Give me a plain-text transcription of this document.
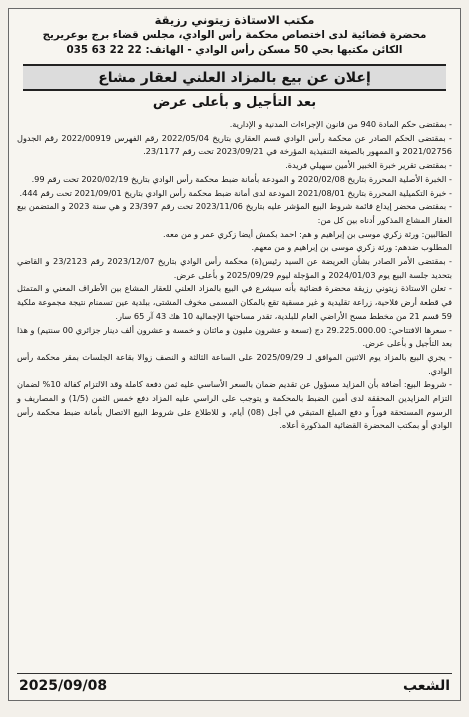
مكتب الاستاذة زيتوني رزيقة
محضرة قضائية لدى اختصاص محكمة رأس الوادي، مجلس قضاء برج بوعريريج
الكائن مكتبها بحي 50 مسكن رأس الوادي - الهاتف: 22 22 63 035
إعلان عن بيع بالمزاد العلني لعقار مشاع
بعد التأجيل و بأعلى عرض

- بمقتضى حكم المادة 940 من قانون الإجراءات المدنية و الإدارية.

- بمقتضى الحكم الصادر عن محكمة رأس الوادي قسم العقاري بتاريخ 2022/05/04 رقم الفهرس 2022/00919 رقم الجدول 2021/02756 و الممهور بالصيغة التنفيذية المؤرخة في 2023/09/21 تحت رقم 23/1177.

- بمقتضى تقرير خبرة الخبير الأمين سهيلي فريدة.

- الخبرة الأصلية المحررة بتاريخ 2020/02/08 و المودعة بأمانة ضبط محكمة رأس الوادي بتاريخ 2020/02/19 تحت رقم 99.

- خبرة التكميلية المحررة بتاريخ 2021/08/01 المودعة لدى أمانة ضبط محكمة رأس الوادي بتاريخ 2021/09/01 تحت رقم 444.

- بمقتضى محضر إيداع قائمة شروط البيع المؤشر عليه بتاريخ 2023/11/06 تحت رقم 23/397 و هي سنة 2023 و المتضمن بيع العقار المشاع المذكور أدناه بين كل من:

الطالبين: ورثة زكري موسى بن إبراهيم و هم: احمد بكمش أيضا زكري عمر و من معه.

المطلوب ضدهم: ورثة زكري موسى بن إبراهيم و من معهم.

- بمقتضى الأمر الصادر بشأن العريضة عن السيد رئيس(ة) محكمة رأس الوادي بتاريخ 2023/12/07 رقم 23/2123 و القاضي بتحديد جلسة البيع يوم 2024/01/03 و المؤجلة ليوم 2025/09/29 و بأعلى عرض.

- تعلن الاستاذة زيتوني رزيقة محضرة قضائية بأنه سيشرع في البيع بالمزاد العلني للعقار المشاع بين الأطراف المعني و المتمثل في قطعة أرض فلاحية، زراعة تقليدية و غير مسقية تقع بالمكان المسمى مخوف المشتى، ببلدية عين تسمنام نتيجة مجموعة ملكية 59 قسم 21 من مخطط مسح الأراضي العام للبلدية، تقدر مساحتها الإجمالية 10 هك 43 آر 65 سار.

- سعرها الافتتاحي: 29.225.000.00 دج (تسعة و عشرون مليون و مائتان و خمسة و عشرون ألف دينار جزائري 00 سنتيم) و هذا بعد التأجيل و بأعلى عرض.

- يجري البيع بالمزاد يوم الاثنين الموافق لـ 2025/09/29 على الساعة الثالثة و النصف زوالا بقاعة الجلسات بمقر محكمة رأس الوادي.

- شروط البيع: أضافة بأن المزايد مسؤول عن تقديم ضمان بالسعر الأساسي عليه ثمن دفعة كاملة وقد الالتزام كفالة 10% لضمان التزام المزايدين المحققة لدى أمين الضبط بالمحكمة و يتوجب على الراسي عليه المزاد دفع خمس الثمن (1/5) و المصاريف و الرسوم المستحقة فوراً و دفع المبلغ المتبقي في أجل (08) أيام، و للاطلاع على شروط البيع الاتصال بأمانة ضبط محكمة رأس الوادي أو بمكتب المحضرة القضائية المذكورة أعلاه.

2025/09/08	الشعب
